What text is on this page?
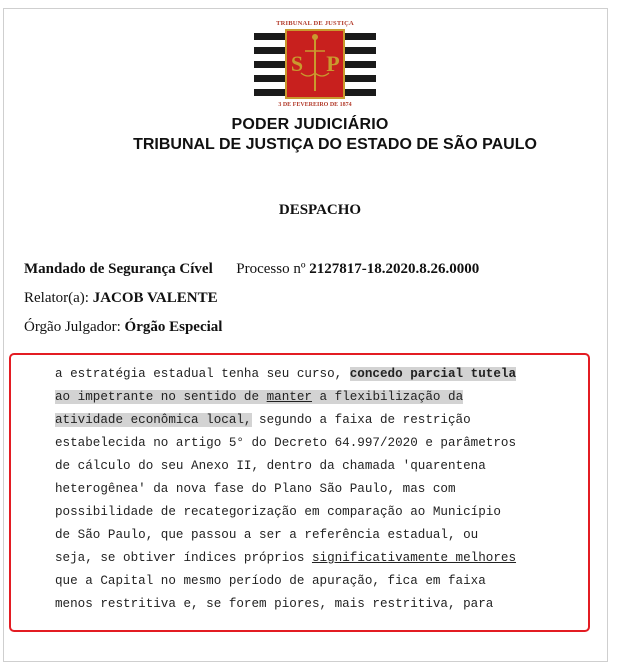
TRIBUNAL DE JUSTIÇA
S P
3 DE FEVEREIRO DE 1874
PODER JUDICIÁRIO
TRIBUNAL DE JUSTIÇA DO ESTADO DE SÃO PAULO
DESPACHO
Mandado de Segurança Cível Processo nº 2127817-18.2020.8.26.0000
Relator(a): JACOB VALENTE
Órgão Julgador: Órgão Especial
a estratégia estadual tenha seu curso, concedo parcial tutela
ao impetrante no sentido de manter a flexibilização da
atividade econômica local, segundo a faixa de restrição
estabelecida no artigo 5° do Decreto 64.997/2020 e parâmetros
de cálculo do seu Anexo II, dentro da chamada 'quarentena
heterogênea' da nova fase do Plano São Paulo, mas com
possibilidade de recategorização em comparação ao Município
de São Paulo, que passou a ser a referência estadual, ou
seja, se obtiver índices próprios significativamente melhores
que a Capital no mesmo período de apuração, fica em faixa
menos restritiva e, se forem piores, mais restritiva, para
